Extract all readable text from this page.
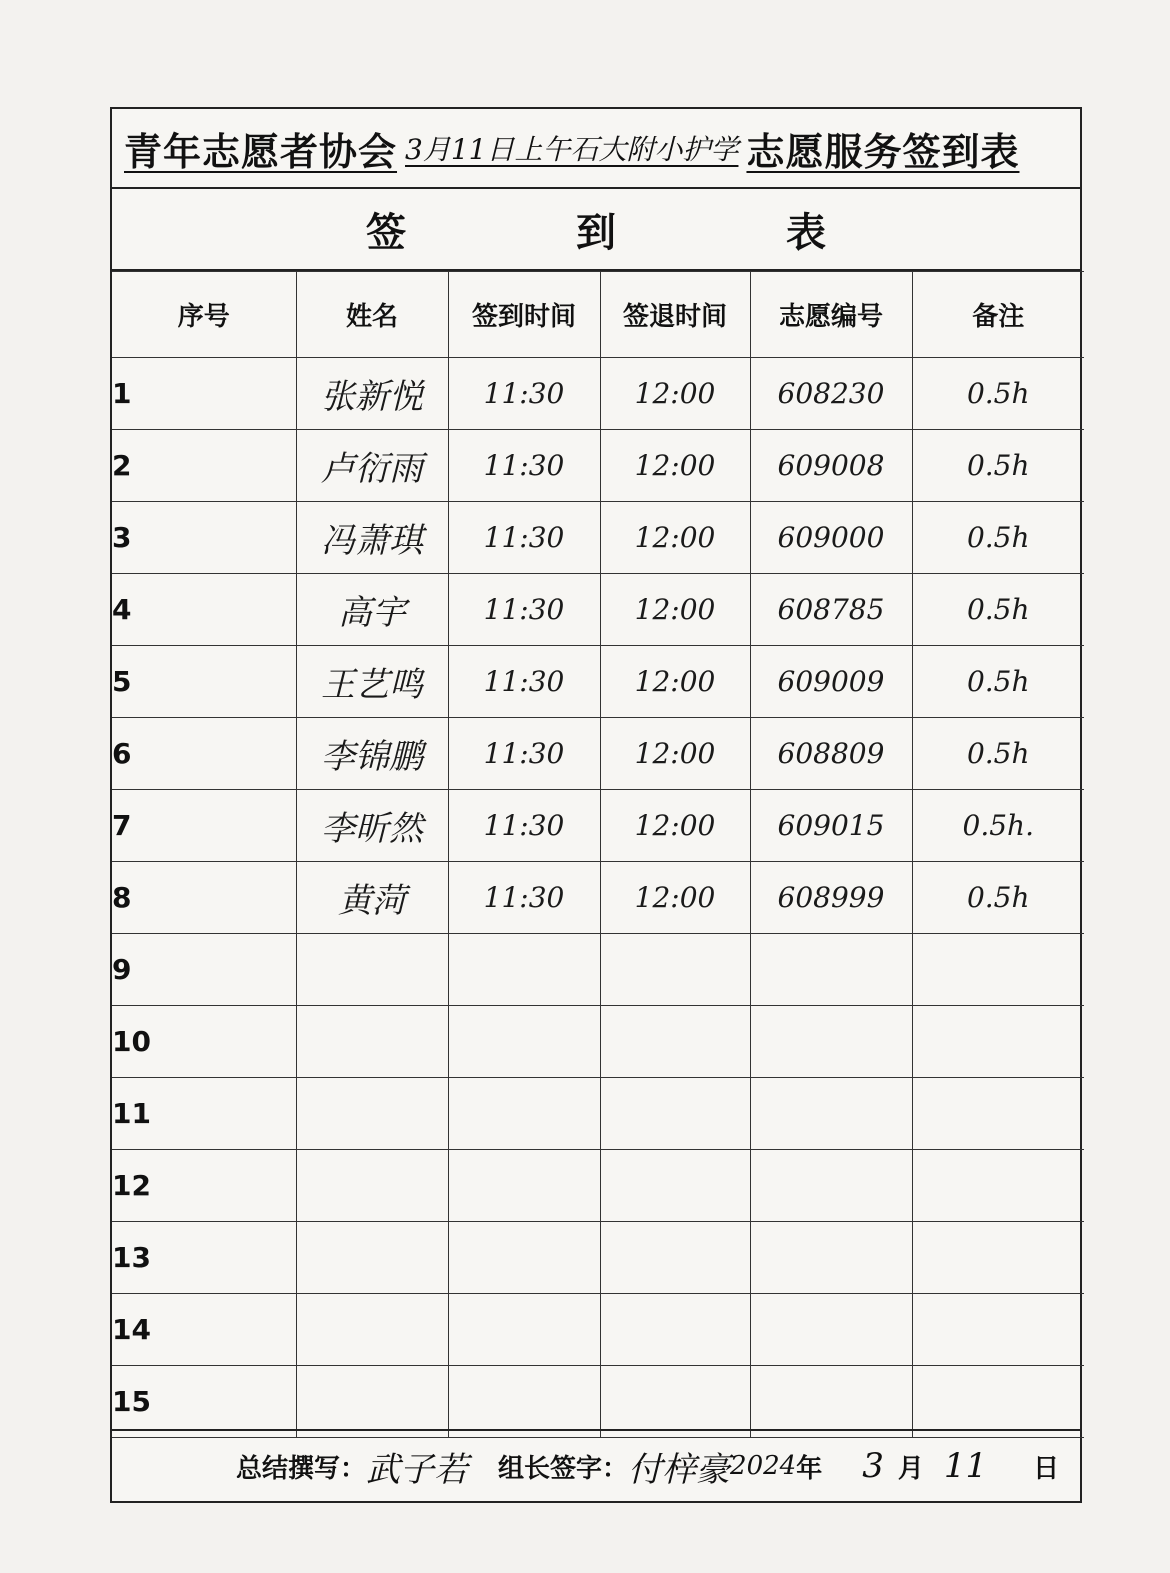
青年志愿者协会 3月11日上午石大附小护学 志愿服务签到表
签到表
序号	姓名	签到时间	签退时间	志愿编号	备注
1	张新悦	11:30	12:00	608230	0.5h
2	卢衍雨	11:30	12:00	609008	0.5h
3	冯萧琪	11:30	12:00	609000	0.5h
4	高宇	11:30	12:00	608785	0.5h
5	王艺鸣	11:30	12:00	609009	0.5h
6	李锦鹏	11:30	12:00	608809	0.5h
7	李昕然	11:30	12:00	609015	0.5h.
8	黄菏	11:30	12:00	608999	0.5h
9					
10					
11					
12					
13					
14					
15					
总结撰写： 武子若 组长签字： 付梓豪 2024 年 3 月 11 日
